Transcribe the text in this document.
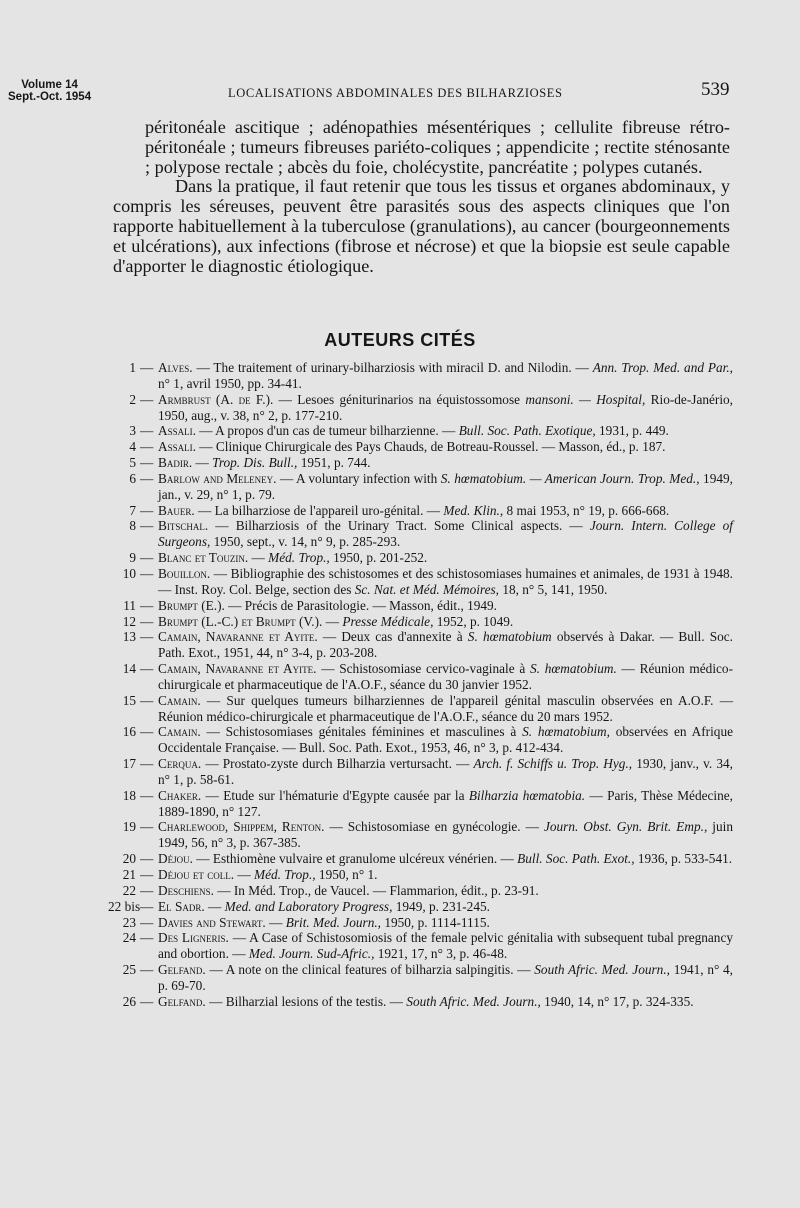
Volume 14
Sept.-Oct. 1954	LOCALISATIONS ABDOMINALES DES BILHARZIOSES	539

péritonéale ascitique ; adénopathies mésentériques ; cellulite fibreuse rétro-péritonéale ; tumeurs fibreuses pariéto-coliques ; appendicite ; rectite sténosante ; polypose rectale ; abcès du foie, cholécystite, pancréatite ; polypes cutanés.

Dans la pratique, il faut retenir que tous les tissus et organes abdominaux, y compris les séreuses, peuvent être parasités sous des aspects cliniques que l'on rapporte habituellement à la tuberculose (granulations), au cancer (bourgeonnements et ulcérations), aux infections (fibrose et nécrose) et que la biopsie est seule capable d'apporter le diagnostic étiologique.

AUTEURS CITÉS
1 — Alves. — The traitement of urinary-bilharziosis with miracil D. and Nilodin. — Ann. Trop. Med. and Par., n° 1, avril 1950, pp. 34-41.
2 — Armbrust (A. de F.). — Lesoes géniturinarios na équistossomose mansoni. — Hospital, Rio-de-Janério, 1950, aug., v. 38, n° 2, p. 177-210.
3 — Assali. — A propos d'un cas de tumeur bilharzienne. — Bull. Soc. Path. Exotique, 1931, p. 449.
4 — Assali. — Clinique Chirurgicale des Pays Chauds, de Botreau-Roussel. — Masson, éd., p. 187.
5 — Badir. — Trop. Dis. Bull., 1951, p. 744.
6 — Barlow and Meleney. — A voluntary infection with S. hœmatobium. — American Journ. Trop. Med., 1949, jan., v. 29, n° 1, p. 79.
7 — Bauer. — La bilharziose de l'appareil uro-génital. — Med. Klin., 8 mai 1953, n° 19, p. 666-668.
8 — Bitschal. — Bilharziosis of the Urinary Tract. Some Clinical aspects. — Journ. Intern. College of Surgeons, 1950, sept., v. 14, n° 9, p. 285-293.
9 — Blanc et Touzin. — Méd. Trop., 1950, p. 201-252.
10 — Bouillon. — Bibliographie des schistosomes et des schistosomiases humaines et animales, de 1931 à 1948. — Inst. Roy. Col. Belge, section des Sc. Nat. et Méd. Mémoires, 18, n° 5, 141, 1950.
11 — Brumpt (E.). — Précis de Parasitologie. — Masson, édit., 1949.
12 — Brumpt (L.-C.) et Brumpt (V.). — Presse Médicale, 1952, p. 1049.
13 — Camain, Navaranne et Ayite. — Deux cas d'annexite à S. hœmatobium observés à Dakar. — Bull. Soc. Path. Exot., 1951, 44, n° 3-4, p. 203-208.
14 — Camain, Navaranne et Ayite. — Schistosomiase cervico-vaginale à S. hœmatobium. — Réunion médico-chirurgicale et pharmaceutique de l'A.O.F., séance du 30 janvier 1952.
15 — Camain. — Sur quelques tumeurs bilharziennes de l'appareil génital masculin observées en A.O.F. — Réunion médico-chirurgicale et pharmaceutique de l'A.O.F., séance du 20 mars 1952.
16 — Camain. — Schistosomiases génitales féminines et masculines à S. hœmatobium, observées en Afrique Occidentale Française. — Bull. Soc. Path. Exot., 1953, 46, n° 3, p. 412-434.
17 — Cerqua. — Prostato-zyste durch Bilharzia vertursacht. — Arch. f. Schiffs u. Trop. Hyg., 1930, janv., v. 34, n° 1, p. 58-61.
18 — Chaker. — Etude sur l'hématurie d'Egypte causée par la Bilharzia hœmatobia. — Paris, Thèse Médecine, 1889-1890, n° 127.
19 — Charlewood, Shippem, Renton. — Schistosomiase en gynécologie. — Journ. Obst. Gyn. Brit. Emp., juin 1949, 56, n° 3, p. 367-385.
20 — Déjou. — Esthiomène vulvaire et granulome ulcéreux vénérien. — Bull. Soc. Path. Exot., 1936, p. 533-541.
21 — Déjou et coll. — Méd. Trop., 1950, n° 1.
22 — Deschiens. — In Méd. Trop., de Vaucel. — Flammarion, édit., p. 23-91.
22 bis — El Sadr. — Med. and Laboratory Progress, 1949, p. 231-245.
23 — Davies and Stewart. — Brit. Med. Journ., 1950, p. 1114-1115.
24 — Des Ligneris. — A Case of Schistosomiosis of the female pelvic génitalia with subsequent tubal pregnancy and obortion. — Med. Journ. Sud-Afric., 1921, 17, n° 3, p. 46-48.
25 — Gelfand. — A note on the clinical features of bilharzia salpingitis. — South Afric. Med. Journ., 1941, n° 4, p. 69-70.
26 — Gelfand. — Bilharzial lesions of the testis. — South Afric. Med. Journ., 1940, 14, n° 17, p. 324-335.
